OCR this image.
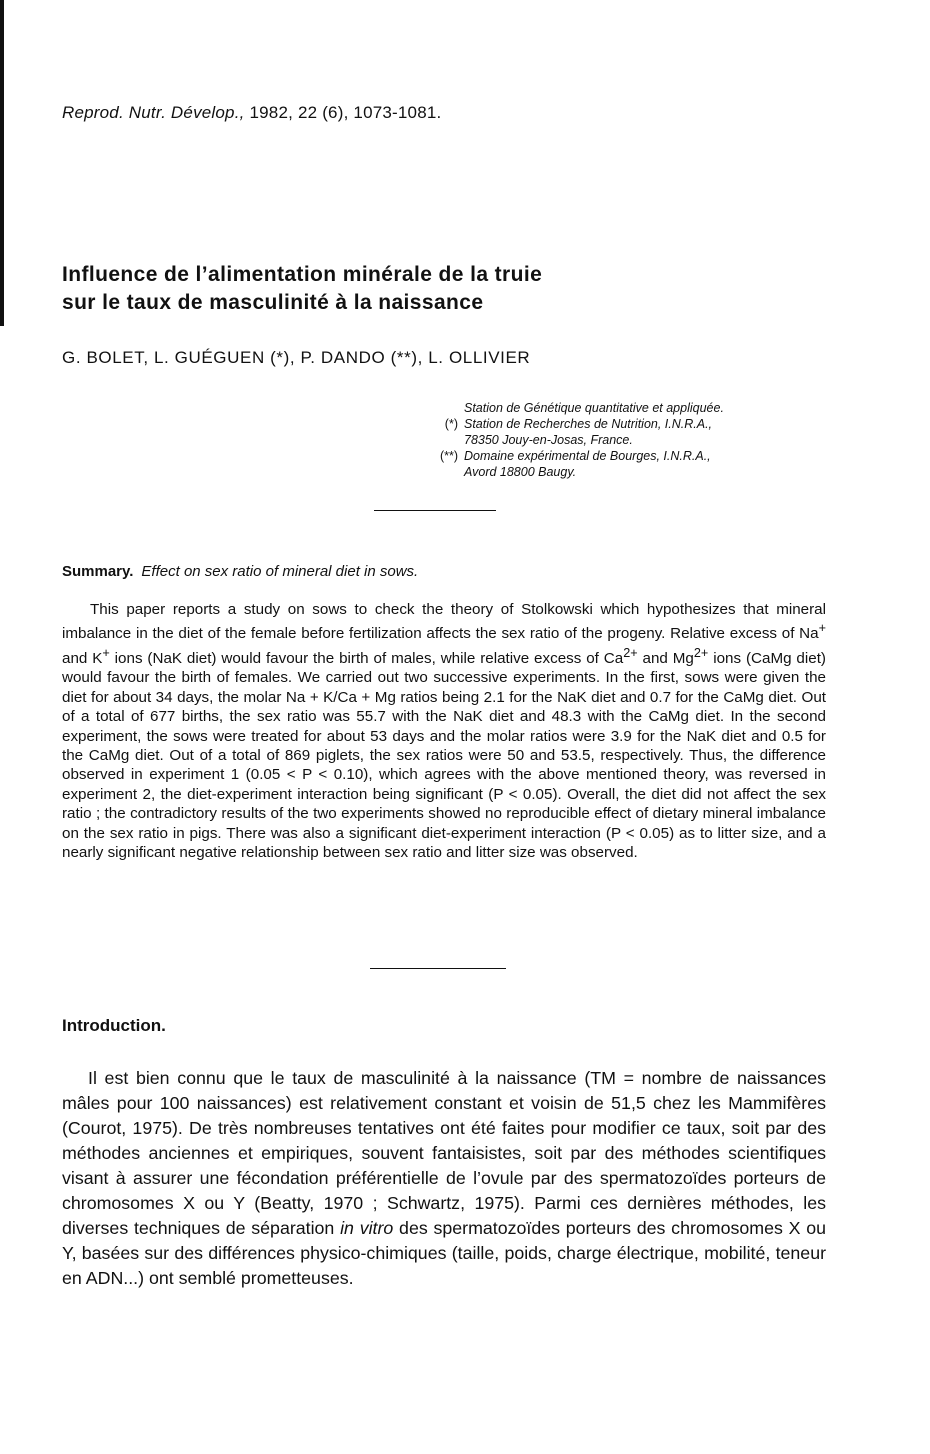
Reprod. Nutr. Dévelop., 1982, 22 (6), 1073-1081.
Influence de l’alimentation minérale de la truie
sur le taux de masculinité à la naissance
G. BOLET, L. GUÉGUEN (*), P. DANDO (**), L. OLLIVIER
Station de Génétique quantitative et appliquée.
(*) Station de Recherches de Nutrition, I.N.R.A.,
78350 Jouy-en-Josas, France.
(**) Domaine expérimental de Bourges, I.N.R.A.,
Avord 18800 Baugy.
Summary. Effect on sex ratio of mineral diet in sows.

This paper reports a study on sows to check the theory of Stolkowski which hypothesizes that mineral imbalance in the diet of the female before fertilization affects the sex ratio of the progeny. Relative excess of Na+ and K+ ions (NaK diet) would favour the birth of males, while relative excess of $Ca^{2+}$ and $Mg^{2+}$ ions (CaMg diet) would favour the birth of females. We carried out two successive experiments. In the first, sows were given the diet for about 34 days, the molar Na + K/Ca + Mg ratios being 2.1 for the NaK diet and 0.7 for the CaMg diet. Out of a total of 677 births, the sex ratio was 55.7 with the NaK diet and 48.3 with the CaMg diet. In the second experiment, the sows were treated for about 53 days and the molar ratios were 3.9 for the NaK diet and 0.5 for the CaMg diet. Out of a total of 869 piglets, the sex ratios were 50 and 53.5, respectively. Thus, the difference observed in experiment 1 (0.05 < P < 0.10), which agrees with the above mentioned theory, was reversed in experiment 2, the diet-experiment interaction being significant (P < 0.05). Overall, the diet did not affect the sex ratio ; the contradictory results of the two experiments showed no reproducible effect of dietary mineral imbalance on the sex ratio in pigs. There was also a significant diet-experiment interaction (P < 0.05) as to litter size, and a nearly significant negative relationship between sex ratio and litter size was observed.

Introduction.

Il est bien connu que le taux de masculinité à la naissance (TM = nombre de naissances mâles pour 100 naissances) est relativement constant et voisin de 51,5 chez les Mammifères (Courot, 1975). De très nombreuses tentatives ont été faites pour modifier ce taux, soit par des méthodes anciennes et empiriques, souvent fantaisistes, soit par des méthodes scientifiques visant à assurer une fécondation préférentielle de l’ovule par des spermatozoïdes porteurs de chromosomes X ou Y (Beatty, 1970 ; Schwartz, 1975). Parmi ces dernières méthodes, les diverses techniques de séparation in vitro des spermatozoïdes porteurs des chromosomes X ou Y, basées sur des différences physico-chimiques (taille, poids, charge électrique, mobilité, teneur en ADN...) ont semblé prometteuses.
